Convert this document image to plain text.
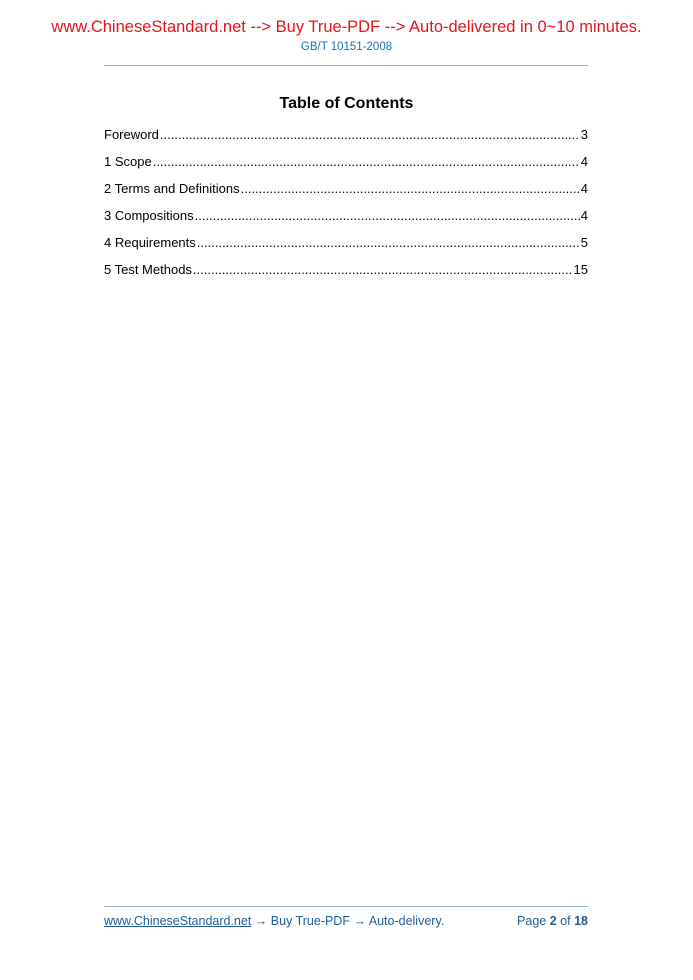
www.ChineseStandard.net --> Buy True-PDF --> Auto-delivered in 0~10 minutes.
GB/T 10151-2008
Table of Contents
Foreword .....	3
1 Scope .....	4
2 Terms and Definitions .....	4
3 Compositions .....	4
4 Requirements .....	5
5 Test Methods .....	15
www.ChineseStandard.net → Buy True-PDF → Auto-delivery.	Page 2 of 18
